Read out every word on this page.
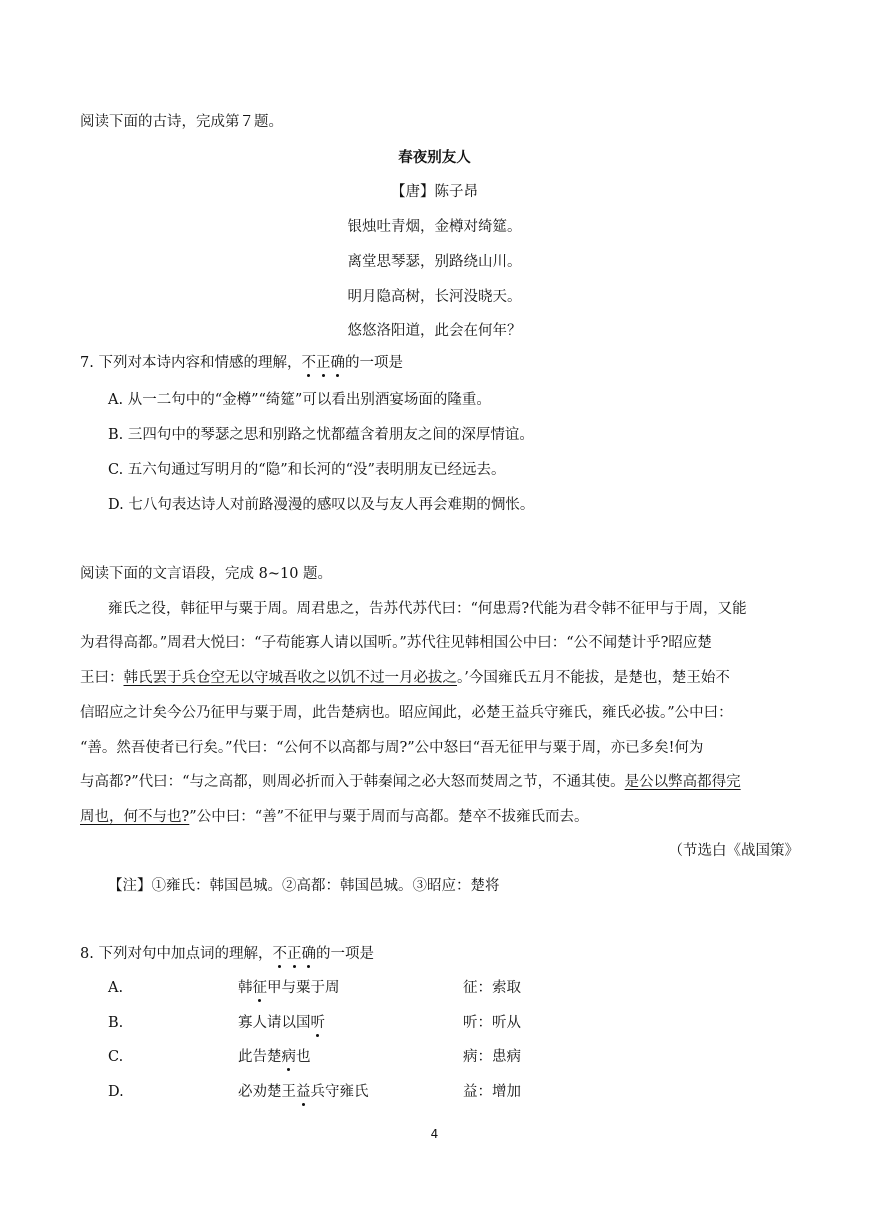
阅读下面的古诗，完成第７题。
春夜别友人
【唐】陈子昂
银烛吐青烟，金樽对绮筵。
离堂思琴瑟，别路绕山川。
明月隐高树，长河没晓天。
悠悠洛阳道，此会在何年？
7. 下列对本诗内容和情感的理解，不正确的一项是
A. 从一二句中的“金樽”“绮筵”可以看出别酒宴场面的隆重。
B. 三四句中的琴瑟之思和别路之忧都蕴含着朋友之间的深厚情谊。
C. 五六句通过写明月的“隐”和长河的“没”表明朋友已经远去。
D. 七八句表达诗人对前路漫漫的感叹以及与友人再会难期的惆怅。
阅读下面的文言语段，完成 8~10 题。
雍氏之役，韩征甲与粟于周。周君患之，告苏代苏代曰：“何患焉?代能为君令韩不征甲与于周，又能
为君得高都。”周君大悦曰：“子苟能寡人请以国听。”苏代往见韩相国公中曰：“公不闻楚计乎?昭应楚
王曰：韩氏罢于兵仓空无以守城吾收之以饥不过一月必拔之。’今国雍氏五月不能拔，是楚也，楚王始不
信昭应之计矣今公乃征甲与粟于周，此告楚病也。昭应闻此，必楚王益兵守雍氏，雍氏必拔。”公中曰：
“善。然吾使者已行矣。”代曰：“公何不以高都与周?”公中怒曰“吾无征甲与粟于周，亦已多矣!何为
与高都?”代曰：“与之高都，则周必折而入于韩秦闻之必大怒而焚周之节，不通其使。是公以弊高都得完
周也，何不与也?”公中曰：“善”不征甲与粟于周而与高都。楚卒不拔雍氏而去。
（节选白《战国策》
【注】①雍氏：韩国邑城。②高都：韩国邑城。③昭应：楚将
8. 下列对句中加点词的理解，不正确的一项是
A.	韩征甲与粟于周	征：索取
B.	寡人请以国听	听：听从
C.	此告楚病也	病：患病
D.	必劝楚王益兵守雍氏	益：增加
4
